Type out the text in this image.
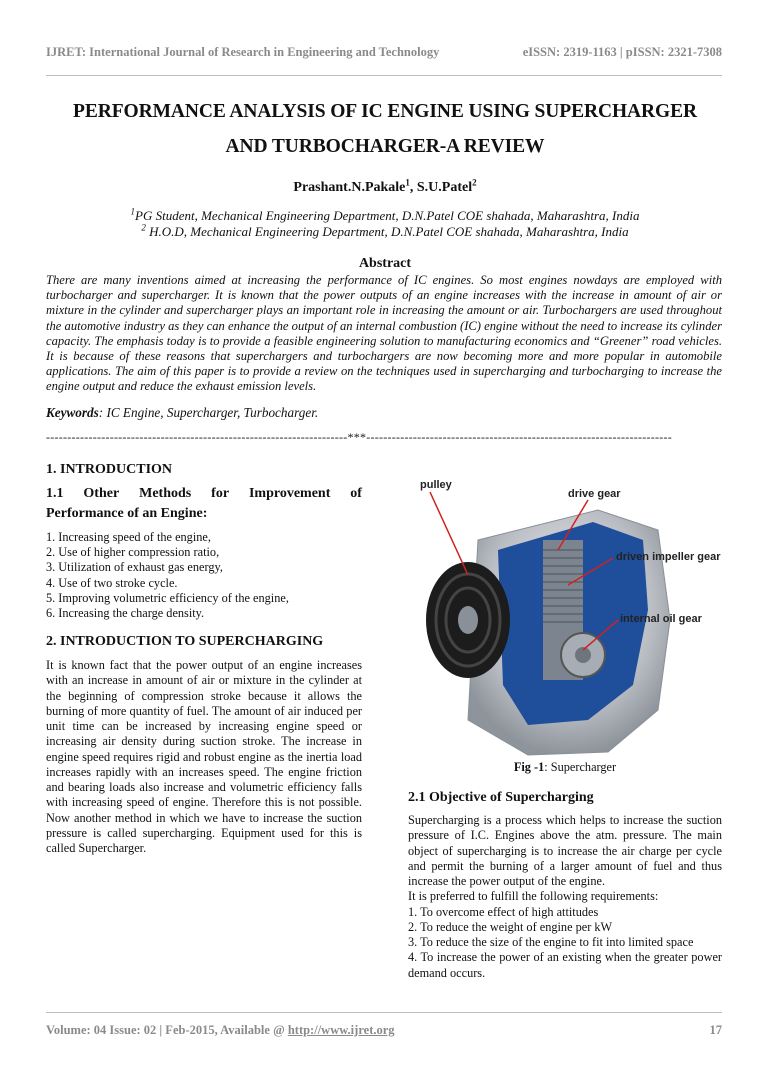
IJRET: International Journal of Research in Engineering and Technology	eISSN: 2319-1163 | pISSN: 2321-7308
PERFORMANCE ANALYSIS OF IC ENGINE USING SUPERCHARGER
AND TURBOCHARGER-A REVIEW
Prashant.N.Pakale$^1$, S.U.Patel$^2$
$^1$PG Student, Mechanical Engineering Department, D.N.Patel COE shahada, Maharashtra, India
$^2$ H.O.D, Mechanical Engineering Department, D.N.Patel COE shahada, Maharashtra, India
Abstract
There are many inventions aimed at increasing the performance of IC engines. So most engines nowdays are employed with turbocharger and supercharger. It is known that the power outputs of an engine increases with the increase in amount of air or mixture in the cylinder and supercharger plays an important role in increasing the amount or air. Turbochargers are used throughout the automotive industry as they can enhance the output of an internal combustion (IC) engine without the need to increase its cylinder capacity. The emphasis today is to provide a feasible engineering solution to manufacturing economics and “Greener” road vehicles. It is because of these reasons that superchargers and turbochargers are now becoming more and more popular in automobile applications. The aim of this paper is to provide a review on the techniques used in supercharging and turbocharging to increase the engine output and reduce the exhaust emission levels.
Keywords: IC Engine, Supercharger, Turbocharger.
-----------------------------------------------------------------------***------------------------------------------------------------------------
1. INTRODUCTION
1.1 Other Methods for Improvement of
Performance of an Engine:
1. Increasing speed of the engine,
2. Use of higher compression ratio,
3. Utilization of exhaust gas energy,
4. Use of two stroke cycle.
5. Improving volumetric efficiency of the engine,
6. Increasing the charge density.
2. INTRODUCTION TO SUPERCHARGING
It is known fact that the power output of an engine increases with an increase in amount of air or mixture in the cylinder at the beginning of compression stroke because it allows the burning of more quantity of fuel. The amount of air induced per unit time can be increased by increasing engine speed or increasing air density during suction stroke. The increase in engine speed requires rigid and robust engine as the inertia load increases rapidly with an increases speed. The engine friction and bearing loads also increase and volumetric efficiency falls with increasing speed of engine. Therefore this is not possible. Now another method in which we have to increase the suction pressure is called supercharging. Equipment used for this is called Supercharger.
pulley
drive gear
driven impeller gear
internal oil gear
Fig -1: Supercharger
2.1 Objective of Supercharging
Supercharging is a process which helps to increase the suction pressure of I.C. Engines above the atm. pressure. The main object of supercharging is to increase the air charge per cycle and permit the burning of a larger amount of fuel and thus increase the power output of the engine.
It is preferred to fulfill the following requirements:
1. To overcome effect of high attitudes
2. To reduce the weight of engine per kW
3. To reduce the size of the engine to fit into limited space
4. To increase the power of an existing when the greater power demand occurs.
Volume: 04 Issue: 02 | Feb-2015, Available @ http://www.ijret.org	17
